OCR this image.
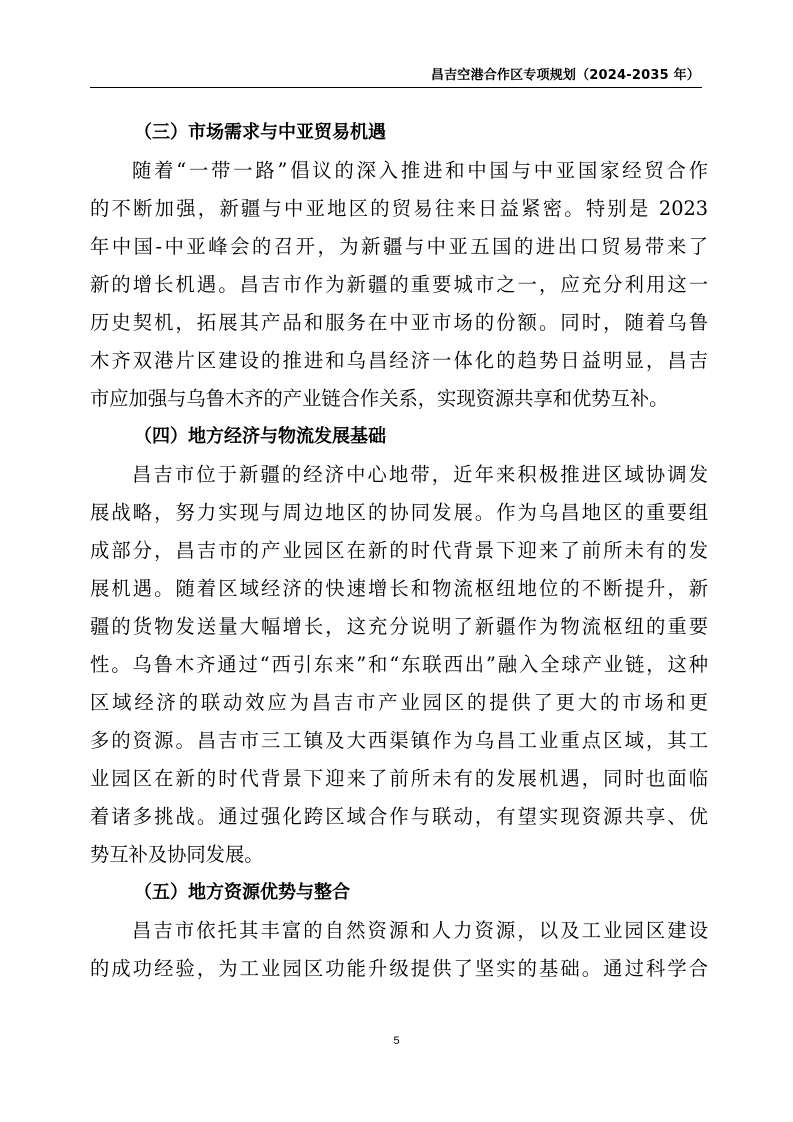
昌吉空港合作区专项规划（2024-2035 年）
（三）市场需求与中亚贸易机遇
随着“一带一路”倡议的深入推进和中国与中亚国家经贸合作
的不断加强，新疆与中亚地区的贸易往来日益紧密。特别是 2023
年中国-中亚峰会的召开，为新疆与中亚五国的进出口贸易带来了
新的增长机遇。昌吉市作为新疆的重要城市之一，应充分利用这一
历史契机，拓展其产品和服务在中亚市场的份额。同时，随着乌鲁
木齐双港片区建设的推进和乌昌经济一体化的趋势日益明显，昌吉
市应加强与乌鲁木齐的产业链合作关系，实现资源共享和优势互补。
（四）地方经济与物流发展基础
昌吉市位于新疆的经济中心地带，近年来积极推进区域协调发
展战略，努力实现与周边地区的协同发展。作为乌昌地区的重要组
成部分，昌吉市的产业园区在新的时代背景下迎来了前所未有的发
展机遇。随着区域经济的快速增长和物流枢纽地位的不断提升，新
疆的货物发送量大幅增长，这充分说明了新疆作为物流枢纽的重要
性。乌鲁木齐通过“西引东来”和“东联西出”融入全球产业链，这种
区域经济的联动效应为昌吉市产业园区的提供了更大的市场和更
多的资源。昌吉市三工镇及大西渠镇作为乌昌工业重点区域，其工
业园区在新的时代背景下迎来了前所未有的发展机遇，同时也面临
着诸多挑战。通过强化跨区域合作与联动，有望实现资源共享、优
势互补及协同发展。
（五）地方资源优势与整合
昌吉市依托其丰富的自然资源和人力资源，以及工业园区建设
的成功经验，为工业园区功能升级提供了坚实的基础。通过科学合
5
